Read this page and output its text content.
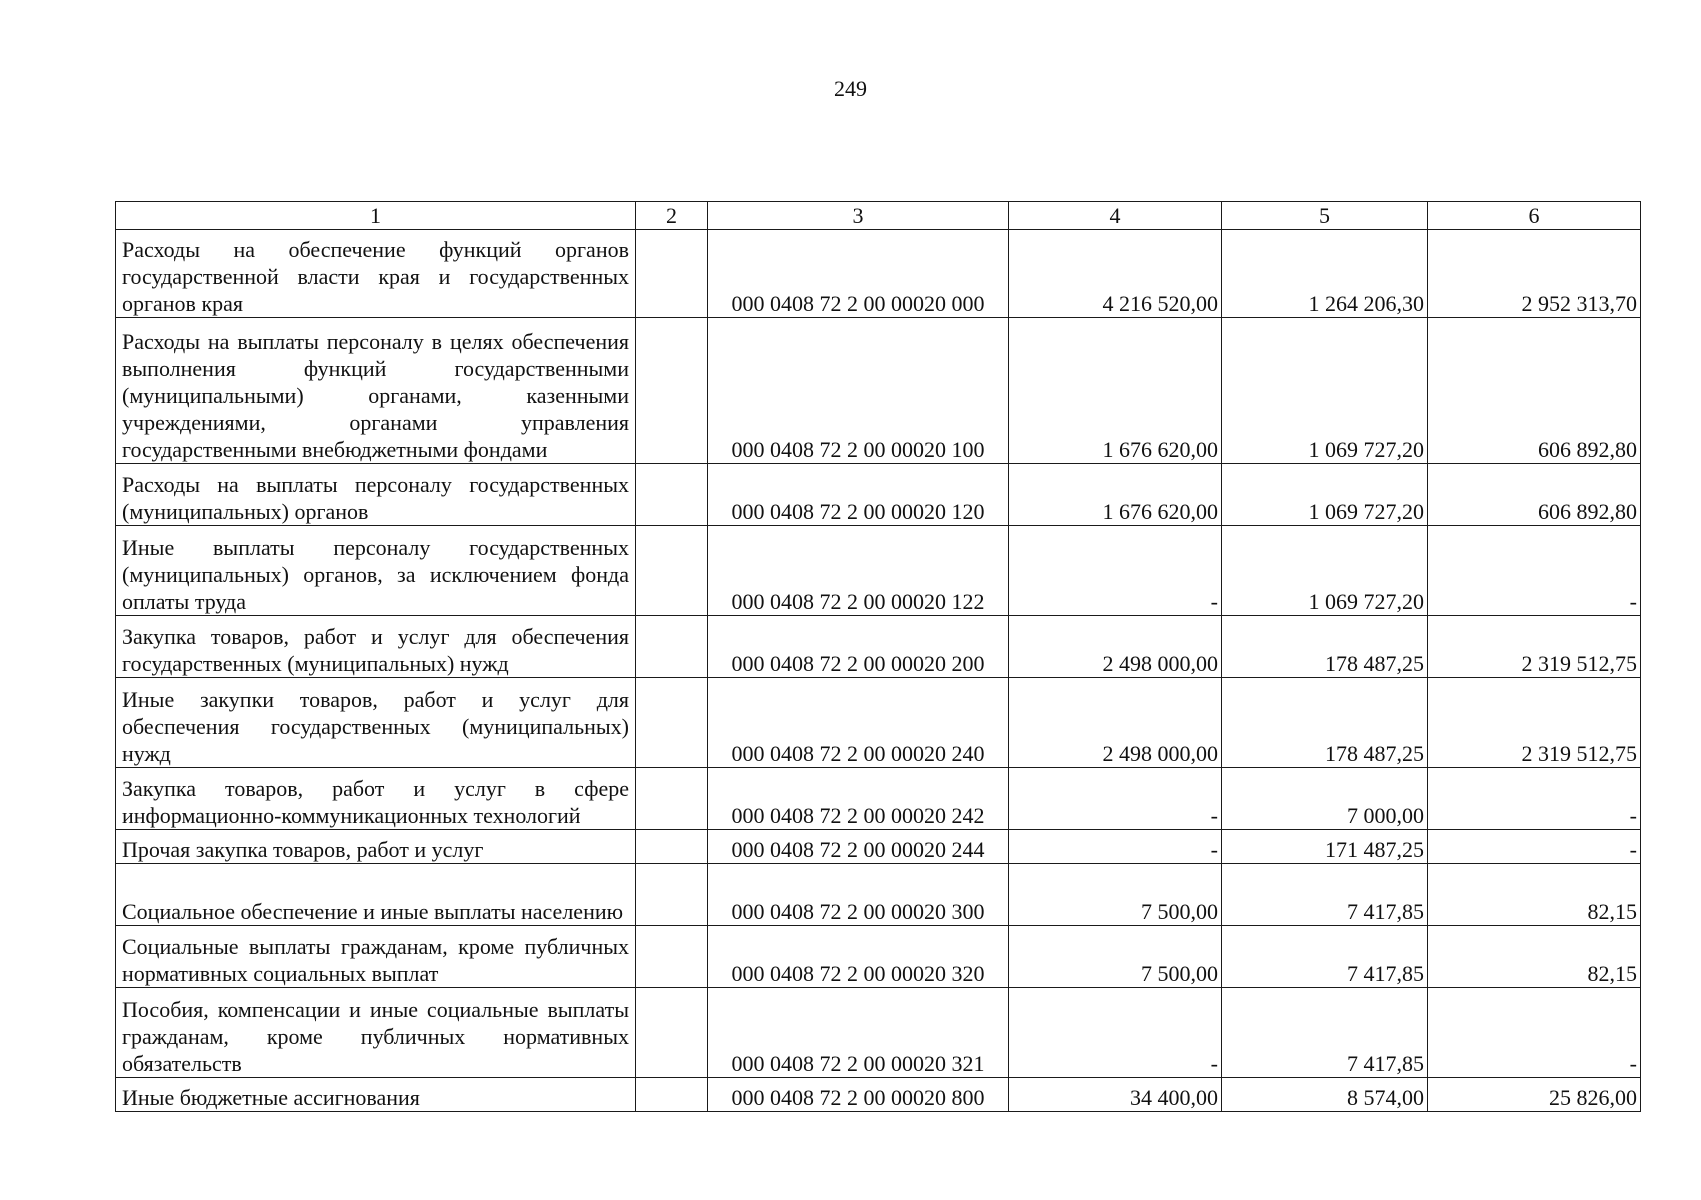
249
1	2	3	4	5	6
Расходы на обеспечение функций органов государственной власти края и государственных органов края		000 0408 72 2 00 00020 000	4 216 520,00	1 264 206,30	2 952 313,70
Расходы на выплаты персоналу в целях обеспечения выполнения функций государственными (муниципальными) органами, казенными учреждениями, органами управления государственными внебюджетными фондами		000 0408 72 2 00 00020 100	1 676 620,00	1 069 727,20	606 892,80
Расходы на выплаты персоналу государственных (муниципальных) органов		000 0408 72 2 00 00020 120	1 676 620,00	1 069 727,20	606 892,80
Иные выплаты персоналу государственных (муниципальных) органов, за исключением фонда оплаты труда		000 0408 72 2 00 00020 122	-	1 069 727,20	-
Закупка товаров, работ и услуг для обеспечения государственных (муниципальных) нужд		000 0408 72 2 00 00020 200	2 498 000,00	178 487,25	2 319 512,75
Иные закупки товаров, работ и услуг для обеспечения государственных (муниципальных) нужд		000 0408 72 2 00 00020 240	2 498 000,00	178 487,25	2 319 512,75
Закупка товаров, работ и услуг в сфере информационно-коммуникационных технологий		000 0408 72 2 00 00020 242	-	7 000,00	-
Прочая закупка товаров, работ и услуг		000 0408 72 2 00 00020 244	-	171 487,25	-
Социальное обеспечение и иные выплаты населению		000 0408 72 2 00 00020 300	7 500,00	7 417,85	82,15
Социальные выплаты гражданам, кроме публичных нормативных социальных выплат		000 0408 72 2 00 00020 320	7 500,00	7 417,85	82,15
Пособия, компенсации и иные социальные выплаты гражданам, кроме публичных нормативных обязательств		000 0408 72 2 00 00020 321	-	7 417,85	-
Иные бюджетные ассигнования		000 0408 72 2 00 00020 800	34 400,00	8 574,00	25 826,00
